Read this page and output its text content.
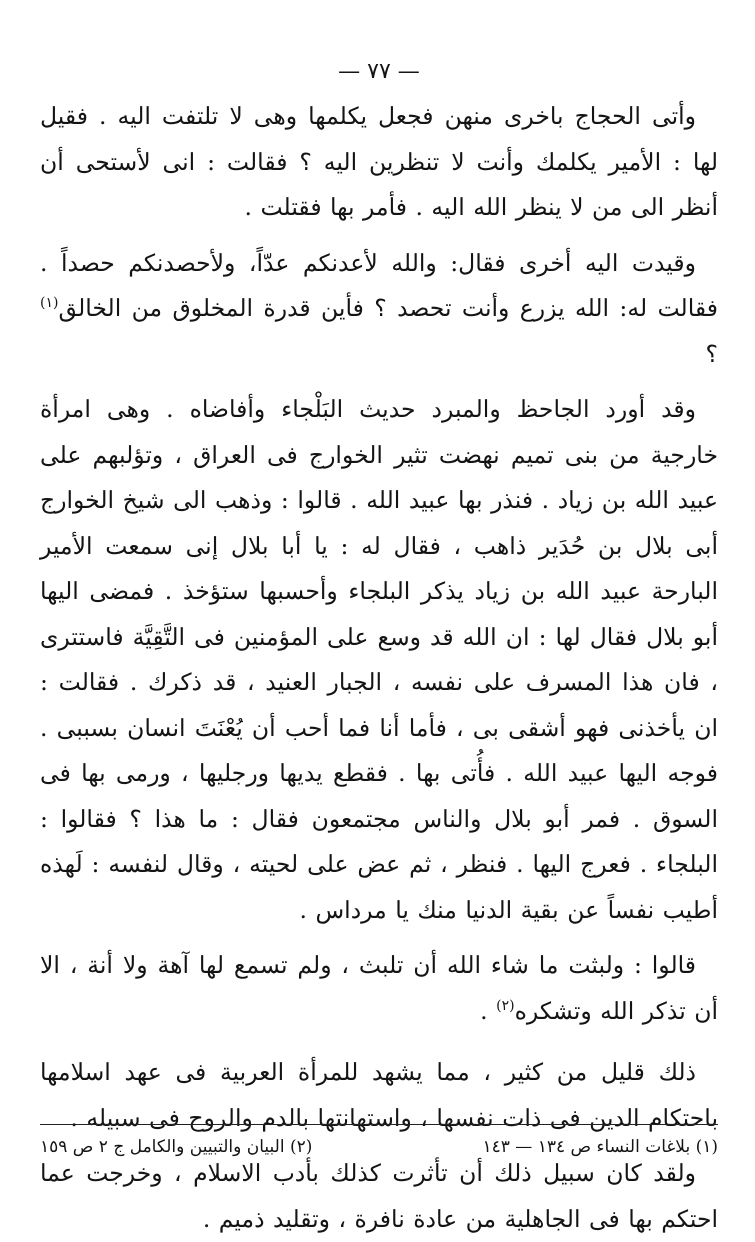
— ٧٧ —

وأتى الحجاج باخرى منهن فجعل يكلمها وهى لا تلتفت اليه . فقيل لها : الأمير يكلمك وأنت لا تنظرين اليه ؟ فقالت : انى لأستحى أن أنظر الى من لا ينظر الله اليه . فأمر بها فقتلت .

وقيدت اليه أخرى فقال: والله لأعدنكم عدّاً، ولأحصدنكم حصداً . فقالت له: الله يزرع وأنت تحصد ؟ فأين قدرة المخلوق من الخالق$^{(١)}$ ؟

وقد أورد الجاحظ والمبرد حديث البَلْجاء وأفاضاه . وهى امرأة خارجية من بنى تميم نهضت تثير الخوارج فى العراق ، وتؤلبهم على عبيد الله بن زياد . فنذر بها عبيد الله . قالوا : وذهب الى شيخ الخوارج أبى بلال بن حُدَير ذاهب ، فقال له : يا أبا بلال إنى سمعت الأمير البارحة عبيد الله بن زياد يذكر البلجاء وأحسبها ستؤخذ . فمضى اليها أبو بلال فقال لها : ان الله قد وسع على المؤمنين فى التَّقِيَّة فاستترى ، فان هذا المسرف على نفسه ، الجبار العنيد ، قد ذكرك . فقالت : ان يأخذنى فهو أشقى بى ، فأما أنا فما أحب أن يُعْنَتَ انسان بسببى . فوجه اليها عبيد الله . فأُتى بها . فقطع يديها ورجليها ، ورمى بها فى السوق . فمر أبو بلال والناس مجتمعون فقال : ما هذا ؟ فقالوا : البلجاء . فعرج اليها . فنظر ، ثم عض على لحيته ، وقال لنفسه : لَهذه أطيب نفساً عن بقية الدنيا منك يا مرداس .

قالوا : ولبثت ما شاء الله أن تلبث ، ولم تسمع لها آهة ولا أنة ، الا أن تذكر الله وتشكره$^{(٢)}$ .

ذلك قليل من كثير ، مما يشهد للمرأة العربية فى عهد اسلامها باحتكام الدين فى ذات نفسها ، واستهانتها بالدم والروح فى سبيله .

ولقد كان سبيل ذلك أن تأثرت كذلك بأدب الاسلام ، وخرجت عما احتكم بها فى الجاهلية من عادة نافرة ، وتقليد ذميم .

(١) بلاغات النساء ص ١٣٤ — ١٤٣
(٢) البيان والتبيين والكامل ج ٢ ص ١٥٩
